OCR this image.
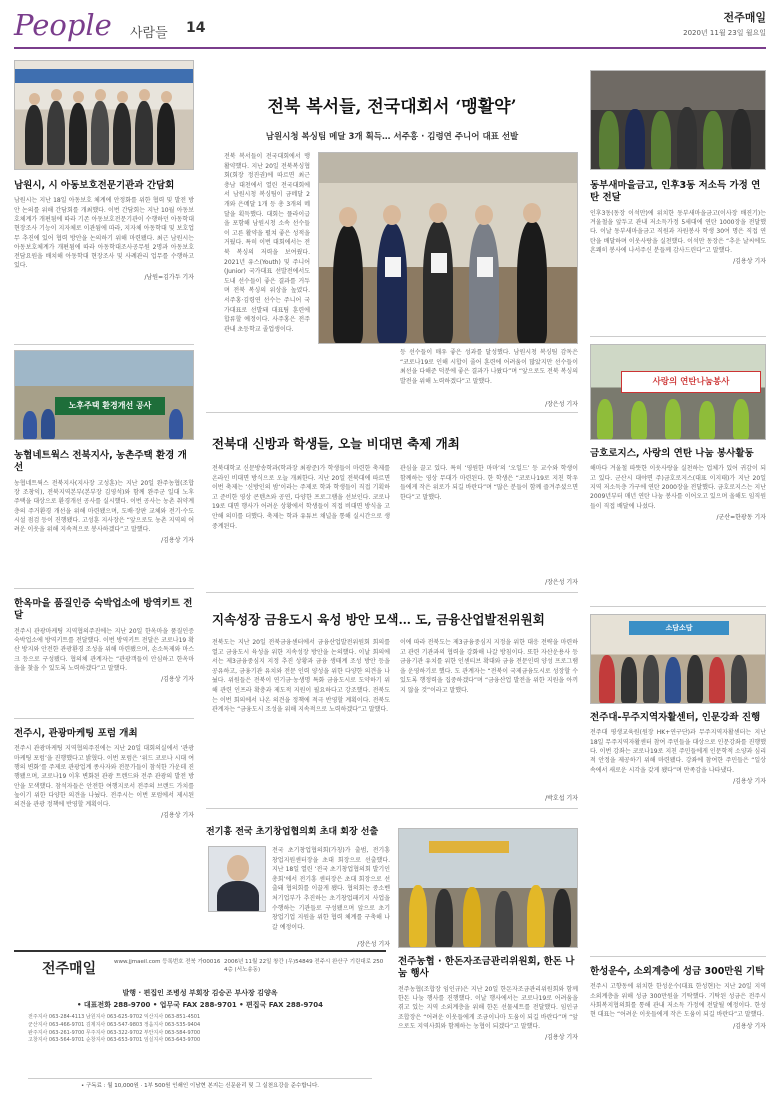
People 사람들 14
전주매일
2020년 11월 23일 월요일
남원시, 시 아동보호전문기관과 간담회

남원시는 지난 18일 아동보호 체계에 안정화를 위한 협력 및 발전 방안 논의를 위해 간담회를 개최했다. 이번 간담회는 지난 10월 아동보호체계가 개편됨에 따라 기존 아동보호전문기관이 수행하던 아동학대 현장조사 기능이 지자체로 이관됨에 따라, 지자체 아동학대 및 보호업무 추진에 있어 협력 방안을 논의하기 위해 마련됐다. 최근 남원시는 아동보호체계가 개편됨에 따라 아동학대조사공무원 2명과 아동보호전담요원을 배치해 아동학대 현장조사 및 사례관리 업무를 수행하고 있다.

/남원=김가두 기자

노후주택 환경개선 공사
농협네트웍스 전북지사, 농촌주택 환경 개선

농협네트웍스 전북지사(지사장 고성훈)는 지난 20일 완주농협(조합장 조창익), 전북지역본부(본부장 김영석)와 함께 완주군 일대 노후 주택을 대상으로 환경개선 공사를 실시했다. 이번 공사는 농촌 취약계층의 주거환경 개선을 위해 마련됐으며, 도배·장판 교체와 전기·수도 시설 점검 등이 진행됐다. 고성훈 지사장은 “앞으로도 농촌 지역의 어려운 이웃을 위해 지속적으로 봉사하겠다”고 말했다.

/김용상 기자

한옥마을 품질인증 숙박업소에 방역키트 전달

전주시 관광마케팅 지역협의주진에는 지난 20일 한옥마을 품질인증 숙박업소에 방역키트를 전달했다. 이번 방역키트 전달은 코로나19 확산 방지와 안전한 관광환경 조성을 위해 마련됐으며, 손소독제와 마스크 등으로 구성됐다. 협의체 관계자는 “관광객들이 안심하고 한옥마을을 찾을 수 있도록 노력하겠다”고 말했다.

/김용상 기자

전주시, 관광마케팅 포럼 개최

전주시 관광마케팅 지역협의주진에는 지난 20일 대회의실에서 ‘관광마케팅 포럼’을 진행했다고 밝혔다. 이번 포럼은 ‘위드 코로나 시대 여행의 변화’를 주제로 관광업계 종사자와 전문가들이 참석한 가운데 진행됐으며, 코로나19 이후 변화된 관광 트렌드와 전주 관광의 발전 방안을 모색했다. 참석자들은 안전한 여행지로서 전주의 브랜드 가치를 높이기 위한 다양한 의견을 나눴다. 전주시는 이번 포럼에서 제시된 의견을 관광 정책에 반영할 계획이다.

/김용상 기자

전북 복서들, 전국대회서 ‘맹활약’
남원시청 복싱팀 메달 3개 획득… 서주홍 · 김령연 주니어 대표 선발
전북 복서들이 전국대회에서 맹활약했다. 지난 20일 전북복싱협회(회장 정진권)에 따르면 최근 충남 대천에서 열린 전국대회에서 남원시청 복싱팀이 금메달 2개와 은메달 1개 등 총 3개의 메달을 획득했다. 대회는 플라이급을 포함해 남원시청 소속 선수들이 고른 활약을 펼쳐 좋은 성적을 거뒀다. 특히 이번 대회에서는 전북 복싱의 저력을 보여줬다. 2021년 유스(Youth) 및 주니어(Junior) 국가대표 선발전에서도 도내 선수들이 좋은 결과를 거두며 전북 복싱의 위상을 높였다. 서주홍·김령연 선수는 주니어 국가대표로 선발돼 대표팀 훈련에 합류할 예정이다. 사주홍은 전주관내 초등학교 졸업생이다.
등 선수들이 매우 좋은 성과를 달성했다. 남원시청 복싱팀 감독은 “코로나19로 인해 시합이 줄어 훈련에 어려움이 많았지만 선수들이 최선을 다해준 덕분에 좋은 결과가 나왔다”며 “앞으로도 전북 복싱의 발전을 위해 노력하겠다”고 말했다.
/장은성 기자
전북대 신방과 학생들, 오늘 비대면 축제 개최
전북대학교 신문방송학과(학과장 최광준)가 학생들이 마련한 축제를 온라인 비대면 방식으로 오늘 개최한다. 지난 20일 전북대에 따르면 이번 축제는 ‘신방인의 밤’이라는 주제로 학과 학생들이 직접 기획하고 준비한 영상 콘텐츠와 공연, 다양한 프로그램을 선보인다. 코로나19로 대면 행사가 어려운 상황에서 학생들이 직접 비대면 방식을 고안해 의미를 더했다. 축제는 학과 유튜브 채널을 통해 실시간으로 생중계된다.
관심을 끌고 있다. 특히 ‘영원한 마마’의 ‘오일드’ 등 교수와 학생이 함께하는 영상 무대가 마련된다. 한 학생은 “코로나19로 지친 학우들에게 작은 위로가 되길 바란다”며 “많은 분들이 함께 즐겨주셨으면 한다”고 말했다.
/장은성 기자
지속성장 금융도시 육성 방안 모색… 도, 금융산업발전위원회
전북도는 지난 20일 전북금융센터에서 금융산업발전위원회 회의를 열고 금융도시 육성을 위한 지속성장 방안을 논의했다. 이날 회의에서는 제3금융중심지 지정 추진 상황과 금융 생태계 조성 방안 등을 공유하고, 금융기관 유치와 전문 인력 양성을 위한 다양한 의견을 나눴다. 위원들은 전북이 연기금·농생명 특화 금융도시로 도약하기 위해 관련 인프라 확충과 제도적 지원이 필요하다고 강조했다. 전북도는 이번 회의에서 나온 의견을 정책에 적극 반영할 계획이다. 전북도 관계자는 “금융도시 조성을 위해 지속적으로 노력하겠다”고 말했다.
이에 따라 전북도는 제3금융중심지 지정을 위한 대응 전략을 마련하고 관련 기관과의 협력을 강화해 나갈 방침이다. 또한 자산운용사 등 금융기관 유치를 위한 인센티브 확대와 금융 전문인력 양성 프로그램을 운영하기로 했다. 도 관계자는 “전북이 국제금융도시로 성장할 수 있도록 행정력을 집중하겠다”며 “금융산업 발전을 위한 지원을 아끼지 않을 것”이라고 말했다.
/박호섭 기자
전기흥 전국 초기창업협의회 초대 회장 선출
전국 초기창업협의회(가칭)가 출범, 전기흥 창업지원센터장을 초대 회장으로 선출했다. 지난 18일 열린 ‘전국 초기창업협의회 발기인 총회’에서 전기흥 센터장은 초대 회장으로 선출돼 협의회를 이끌게 됐다. 협의회는 중소벤처기업부가 추진하는 초기창업패키지 사업을 수행하는 기관들로 구성됐으며 앞으로 초기 창업기업 지원을 위한 협력 체계를 구축해 나갈 예정이다.
/장은성 기자
전주농협 · 한돈자조금관리위원회, 한돈 나눔 행사

전주농협(조합장 임인규)은 지난 20일 한돈자조금관리위원회와 함께 한돈 나눔 행사를 진행했다. 이날 행사에서는 코로나19로 어려움을 겪고 있는 지역 소외계층을 위해 한돈 선물세트를 전달했다. 임인규 조합장은 “어려운 이웃들에게 조금이나마 도움이 되길 바란다”며 “앞으로도 지역사회와 함께하는 농협이 되겠다”고 말했다.

/김용상 기자

동부새마을금고, 인후3동 저소득 가정 연탄 전달

인후3동(동장 이석만)에 위치한 동부새마을금고(이사장 배진기)는 겨울철을 앞두고 관내 저소득가정 5세대에 연탄 1000장을 전달했다. 이날 동부새마을금고 직원과 자원봉사 학생 30여 명은 직접 연탄을 배달하며 이웃사랑을 실천했다. 이석만 동장은 “추운 날씨에도 흔쾌히 봉사에 나서주신 분들께 감사드린다”고 말했다.

/김용상 기자

사랑의 연탄나눔봉사
금호로지스, 사랑의 연탄 나눔 봉사활동

해마다 겨울철 따뜻한 이웃사랑을 실천하는 업체가 있어 귀감이 되고 있다. 군산시 대야면 주)금호로지스(대표 이지태)가 지난 20일 지역 저소득층 가구에 연탄 2000장을 전달했다. 금호로지스는 지난 2009년부터 매년 연탄 나눔 봉사를 이어오고 있으며 올해도 임직원들이 직접 배달에 나섰다.

/군산=한광동 기자

소담소담
전주대-무주지역자활센터, 인문강좌 진행

전주대 평생교육원(원장 HK+연구단)과 무주지역자활센터는 지난 18일 무주지역자활센터 참여 주민들을 대상으로 인문강좌를 진행했다. 이번 강좌는 코로나19로 지친 주민들에게 인문학적 소양과 심리적 안정을 제공하기 위해 마련됐다. 강좌에 참여한 주민들은 “일상 속에서 새로운 시각을 갖게 됐다”며 만족감을 나타냈다.

/김용상 기자

한성운수, 소외계층에 성금 300만원 기탁

전주시 고향동에 위치한 한성운수(대표 한성현)는 지난 20일 지역 소외계층을 위해 성금 300만원을 기탁했다. 기탁된 성금은 전주시 사회복지협의회를 통해 관내 저소득 가정에 전달될 예정이다. 한성현 대표는 “어려운 이웃들에게 작은 도움이 되길 바란다”고 말했다.

/김용상 기자

전주매일	www.jjmaeil.com 등록번호 전북 가00016 2006년 11월 22일 창간 (우)54849 전주시 완산구 기린대로 250 4층 (서노송동)
발행 · 편집인 조병성 부회장 김승곤 부사장 김양옥
• 대표전화 288-9700 • 업무국 FAX 288-9701 • 편집국 FAX 288-9704
전주지사 063-284-4113 남원지사 063-625-9702 익산지사 063-851-4501
군산지사 063-466-9701 김제지사 063-547-9803 정읍지사 063-535-9404
완주지사 063-261-9700 무주지사 063-322-9702 부안지사 063-584-9700
고창지사 063-564-9701 순창지사 063-653-9701 임실지사 063-643-9700
• 구독료 : 월 10,000원 · 1부 500원 인쇄인 이남현 본지는 신문윤리 및 그 실천요강을 준수합니다.
